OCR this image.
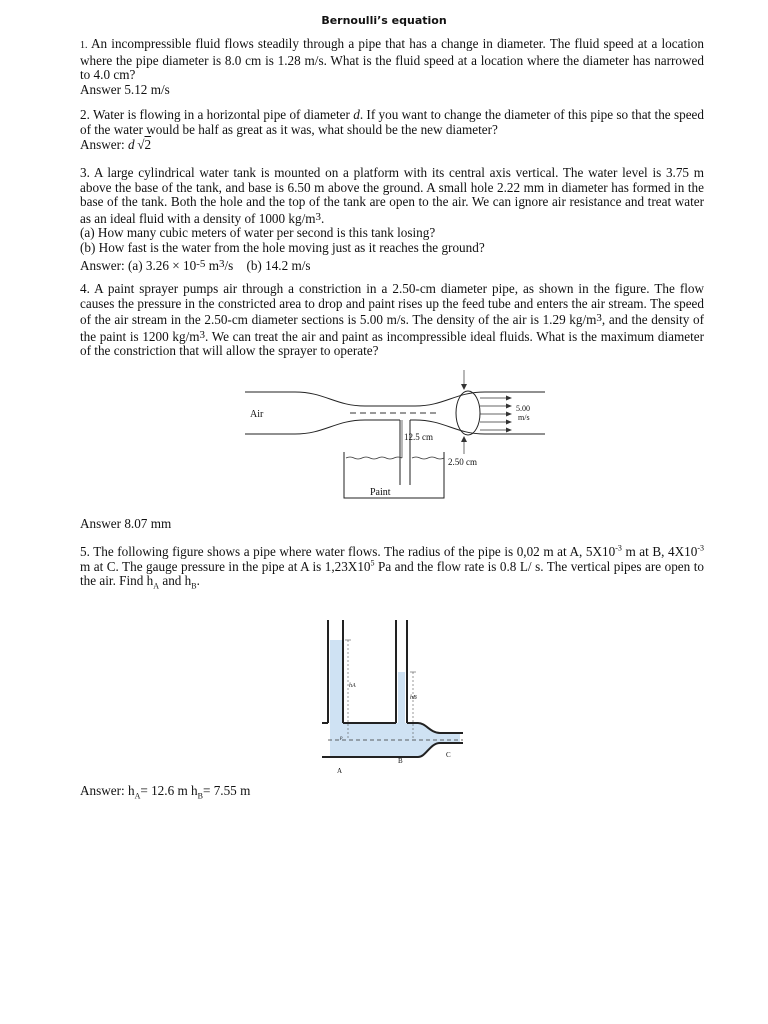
Bernoulli’s equation

1. An incompressible fluid flows steadily through a pipe that has a change in diameter. The fluid speed at a location where the pipe diameter is 8.0 cm is 1.28 m/s. What is the fluid speed at a location where the diameter has narrowed to 4.0 cm?

Answer 5.12 m/s

2. Water is flowing in a horizontal pipe of diameter d. If you want to change the diameter of this pipe so that the speed of the water would be half as great as it was, what should be the new diameter?

Answer: d  √2

3. A large cylindrical water tank is mounted on a platform with its central axis vertical. The water level is 3.75 m above the base of the tank, and base is 6.50 m above the ground. A small hole 2.22 mm in diameter has formed in the base of the tank. Both the hole and the top of the tank are open to the air. We can ignore air resistance and treat water as an ideal fluid with a density of 1000 $kg/m^3$.

(a) How many cubic meters of water per second is this tank losing?

(b) How fast is the water from the hole moving just as it reaches the ground?

Answer: (a) $3.26 \times 10^{-5}$ $m^3/s$ (b) 14.2 m/s

4. A paint sprayer pumps air through a constriction in a 2.50-cm diameter pipe, as shown in the figure. The flow causes the pressure in the constricted area to drop and paint rises up the feed tube and enters the air stream. The speed of the air stream in the 2.50-cm diameter sections is 5.00 m/s. The density of the air is 1.29 $kg/m^3$, and the density of the paint is 1200 $kg/m^3$. We can treat the air and paint as incompressible ideal fluids. What is the maximum diameter of the constriction that will allow the sprayer to operate?

12.5 cm
2.50 cm
5.00
m/s
Air
Paint

Answer 8.07 mm

5. The following figure shows a pipe where water flows. The radius of the pipe is 0,02 m at A, $5X10^{-3}$ m at B, $4X10^{-3}$ m at C. The gauge pressure in the pipe at A is $1,23X10^5$ Pa and the flow rate is 0.8 L/ s. The vertical pipes are open to the air. Find $h_A$ and $h_B$.

hA
hB
p
A
B
C

Answer: $h_A= 12.6$ m $h_B= 7.55$ m
